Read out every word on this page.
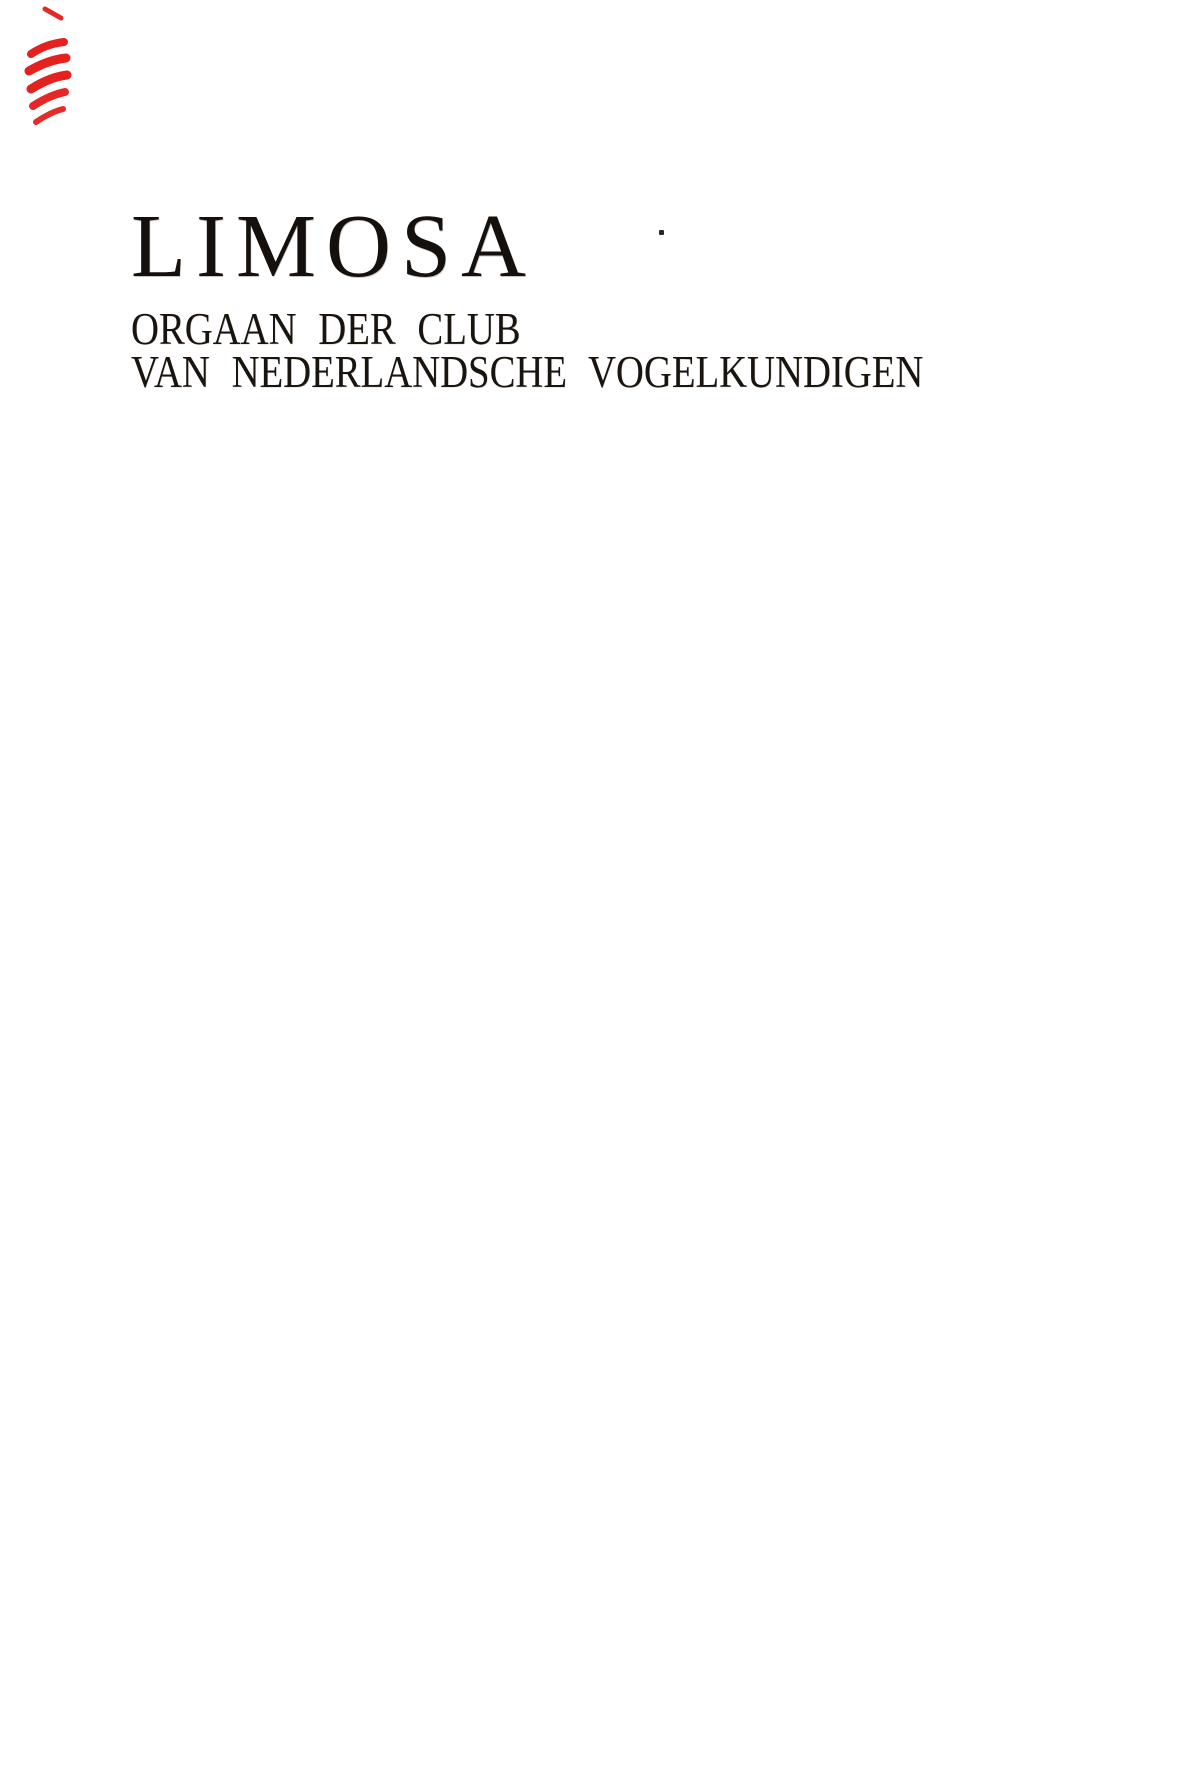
LIMOSA
ORGAAN DER CLUB
VAN NEDERLANDSCHE VOGELKUNDIGEN
